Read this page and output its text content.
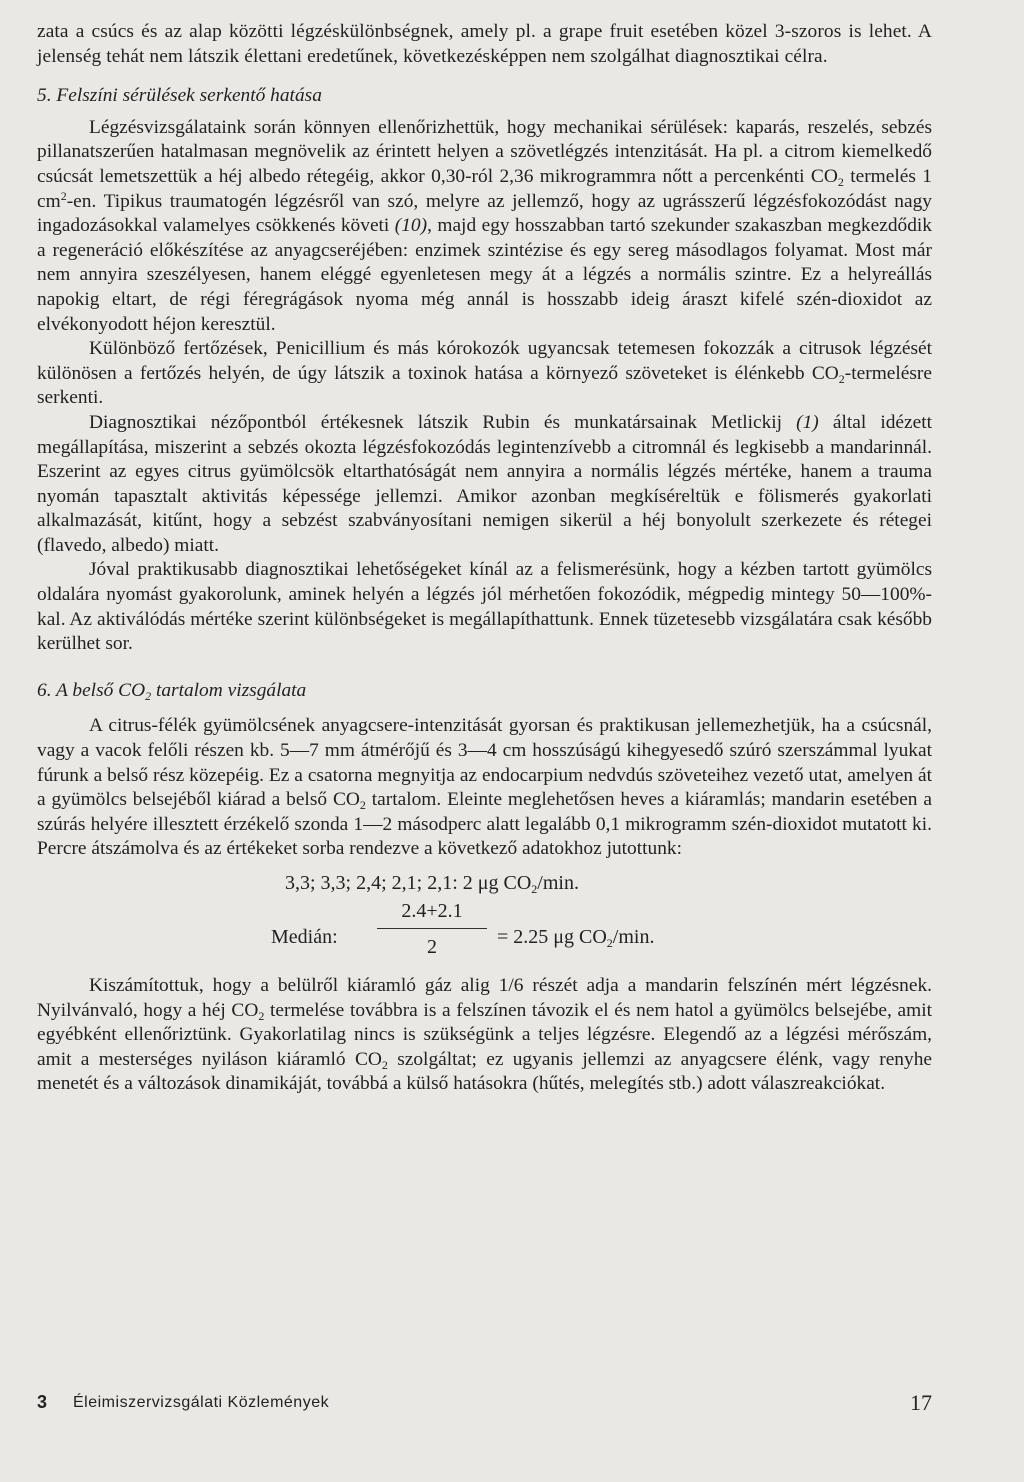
zata a csúcs és az alap közötti légzéskülönbségnek, amely pl. a grape fruit esetében közel 3-szoros is lehet. A jelenség tehát nem látszik élettani eredetűnek, következésképpen nem szolgálhat diagnosztikai célra.

5. Felszíni sérülések serkentő hatása

Légzésvizsgálataink során könnyen ellenőrizhettük, hogy mechanikai sérülések: kaparás, reszelés, sebzés pillanatszerűen hatalmasan megnövelik az érintett helyen a szövetlégzés intenzitását. Ha pl. a citrom kiemelkedő csúcsát lemetszettük a héj albedo rétegéig, akkor 0,30-ról 2,36 mikrogrammra nőtt a percenkénti $CO_2$ termelés 1 $cm^2-en$. Tipikus traumatogén légzésről van szó, melyre az jellemző, hogy az ugrásszerű légzésfokozódást nagy ingadozásokkal valamelyes csökkenés követi (10), majd egy hosszabban tartó szekunder szakaszban megkezdődik a regeneráció előkészítése az anyagcseréjében: enzimek szintézise és egy sereg másodlagos folyamat. Most már nem annyira szeszélyesen, hanem eléggé egyenletesen megy át a légzés a normális szintre. Ez a helyreállás napokig eltart, de régi féregrágások nyoma még annál is hosszabb ideig áraszt kifelé szén-dioxidot az elvékonyodott héjon keresztül.

Különböző fertőzések, Penicillium és más kórokozók ugyancsak tetemesen fokozzák a citrusok légzését különösen a fertőzés helyén, de úgy látszik a toxinok hatása a környező szöveteket is élénkebb $CO_2$-termelésre serkenti.

Diagnosztikai nézőpontból értékesnek látszik Rubin és munkatársainak Metlickij (1) által idézett megállapítása, miszerint a sebzés okozta légzésfokozódás legintenzívebb a citromnál és legkisebb a mandarinnál. Eszerint az egyes citrus gyümölcsök eltarthatóságát nem annyira a normális légzés mértéke, hanem a trauma nyomán tapasztalt aktivitás képessége jellemzi. Amikor azonban megkíséreltük e fölismerés gyakorlati alkalmazását, kitűnt, hogy a sebzést szabványosítani nemigen sikerül a héj bonyolult szerkezete és rétegei (flavedo, albedo) miatt.

Jóval praktikusabb diagnosztikai lehetőségeket kínál az a felismerésünk, hogy a kézben tartott gyümölcs oldalára nyomást gyakorolunk, aminek helyén a légzés jól mérhetően fokozódik, mégpedig mintegy 50—100%-kal. Az aktiválódás mértéke szerint különbségeket is megállapíthattunk. Ennek tüzetesebb vizsgálatára csak később kerülhet sor.

6. A belső $CO_2$ tartalom vizsgálata

A citrus-félék gyümölcsének anyagcsere-intenzitását gyorsan és praktikusan jellemezhetjük, ha a csúcsnál, vagy a vacok felőli részen kb. 5—7 mm átmérőjű és 3—4 cm hosszúságú kihegyesedő szúró szerszámmal lyukat fúrunk a belső rész közepéig. Ez a csatorna megnyitja az endocarpium nedvdús szöveteihez vezető utat, amelyen át a gyümölcs belsejéből kiárad a belső $CO_2$ tartalom. Eleinte meglehetősen heves a kiáramlás; mandarin esetében a szúrás helyére illesztett érzékelő szonda 1—2 másodperc alatt legalább 0,1 mikrogramm szén-dioxidot mutatott ki. Percre átszámolva és az értékeket sorba rendezve a következő adatokhoz jutottunk:

3,3; 3,3; 2,4; 2,1; 2,1: 2 μg $CO_2/\min$.
Medián:
2.4+2.1
2	= 2.25 μg $CO_2/\min$.

Kiszámítottuk, hogy a belülről kiáramló gáz alig 1/6 részét adja a mandarin felszínén mért légzésnek. Nyilvánvaló, hogy a héj $CO_2$ termelése továbbra is a felszínen távozik el és nem hatol a gyümölcs belsejébe, amit egyébként ellenőriztünk. Gyakorlatilag nincs is szükségünk a teljes légzésre. Elegendő az a légzési mérőszám, amit a mesterséges nyiláson kiáramló $CO_2$ szolgáltat; ez ugyanis jellemzi az anyagcsere élénk, vagy renyhe menetét és a változások dinamikáját, továbbá a külső hatásokra (hűtés, melegítés stb.) adott válaszreakciókat.

3 Éleimiszervizsgálati Közlemények	17
